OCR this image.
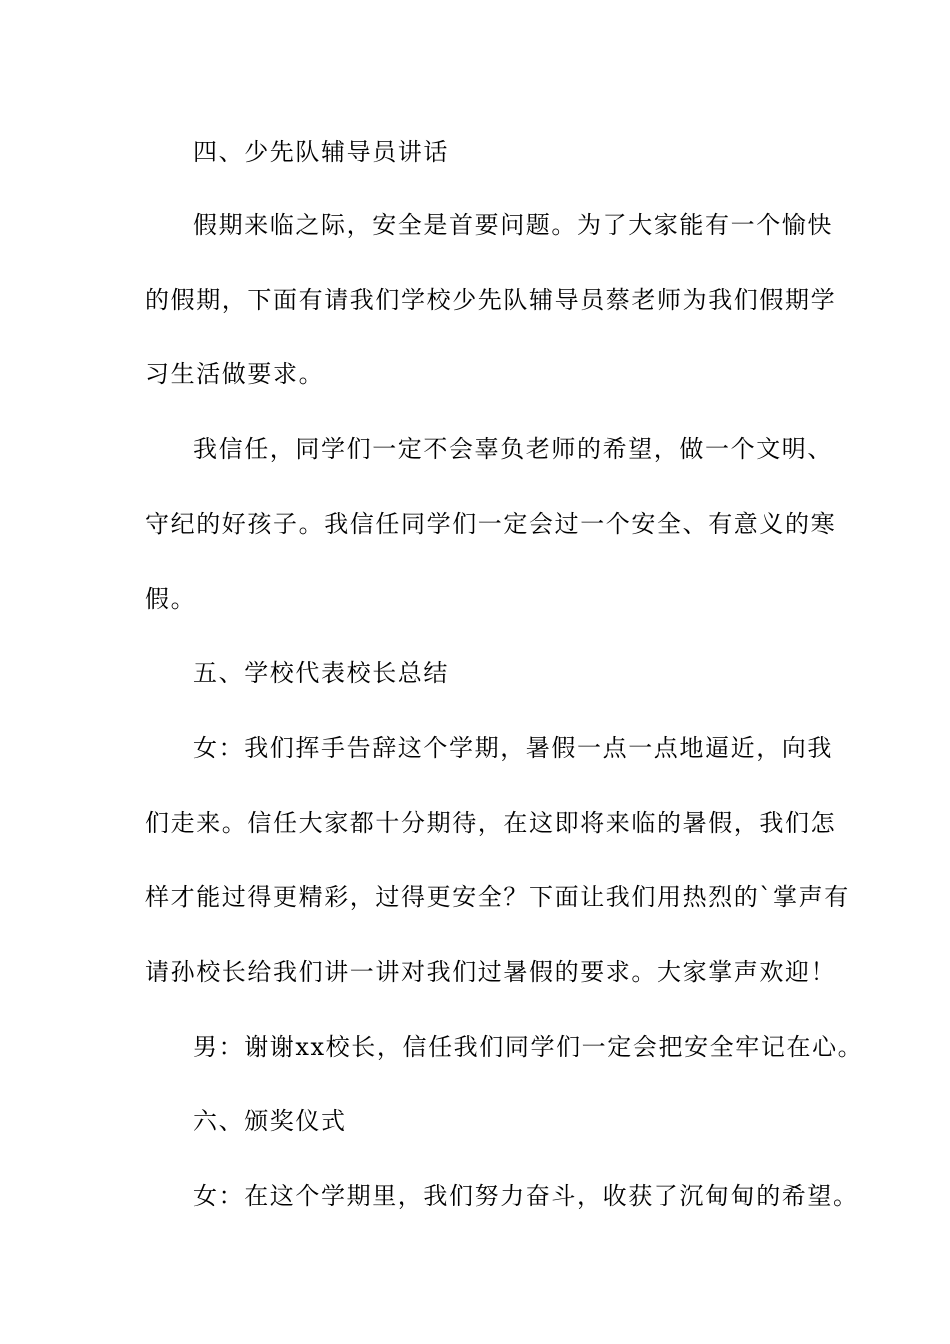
四、少先队辅导员讲话
假期来临之际，安全是首要问题。为了大家能有一个愉快
的假期，下面有请我们学校少先队辅导员蔡老师为我们假期学
习生活做要求。
我信任，同学们一定不会辜负老师的希望，做一个文明、
守纪的好孩子。我信任同学们一定会过一个安全、有意义的寒
假。
五、学校代表校长总结
女：我们挥手告辞这个学期，暑假一点一点地逼近，向我
们走来。信任大家都十分期待，在这即将来临的暑假，我们怎
样才能过得更精彩，过得更安全？下面让我们用热烈的`掌声有
请孙校长给我们讲一讲对我们过暑假的要求。大家掌声欢迎！
男：谢谢xx校长，信任我们同学们一定会把安全牢记在心。
六、颁奖仪式
女：在这个学期里，我们努力奋斗，收获了沉甸甸的希望。
